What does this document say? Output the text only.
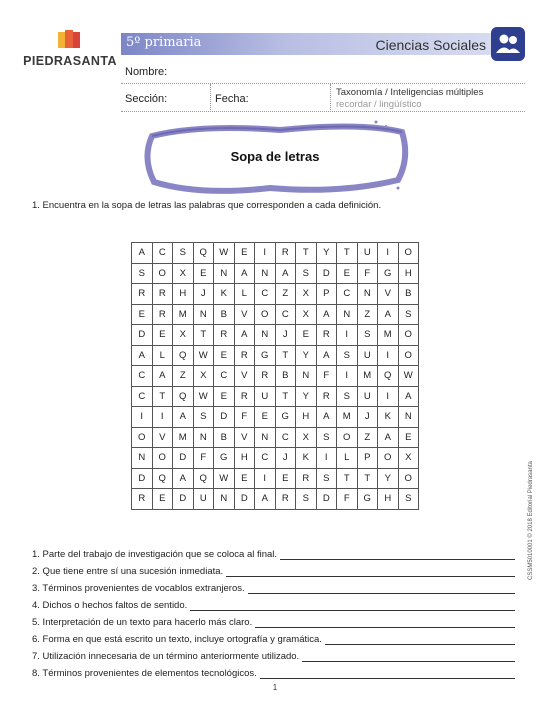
PIEDRASANTA
5º primaria	Ciencias Sociales
Nombre:
Sección:	Fecha:
Taxonomía / Inteligencias múltiples
recordar / lingüístico
Sopa de letras
1. Encuentra en la sopa de letras las palabras que corresponden a cada definición.
A	C	S	Q	W	E	I	R	T	Y	T	U	I	O
S	O	X	E	N	A	N	A	S	D	E	F	G	H
R	R	H	J	K	L	C	Z	X	P	C	N	V	B
E	R	M	N	B	V	O	C	X	A	N	Z	A	S
D	E	X	T	R	A	N	J	E	R	I	S	M	O
A	L	Q	W	E	R	G	T	Y	A	S	U	I	O
C	A	Z	X	C	V	R	B	N	F	I	M	Q	W
C	T	Q	W	E	R	U	T	Y	R	S	U	I	A
I	I	A	S	D	F	E	G	H	A	M	J	K	N
O	V	M	N	B	V	N	C	X	S	O	Z	A	E
N	O	D	F	G	H	C	J	K	I	L	P	O	X
D	Q	A	Q	W	E	I	E	R	S	T	T	Y	O
R	E	D	U	N	D	A	R	S	D	F	G	H	S
1. Parte del trabajo de investigación que se coloca al final.
2. Que tiene entre sí una sucesión inmediata.
3. Términos provenientes de vocablos extranjeros.
4. Dichos o hechos faltos de sentido.
5. Interpretación de un texto para hacerlo más claro.
6. Forma en que está escrito un texto, incluye ortografía y gramática.
7. Utilización innecesaria de un término anteriormente utilizado.
8. Términos provenientes de elementos tecnológicos.
CSSM5010001 © 2018 Editorial Piedrasanta
1
